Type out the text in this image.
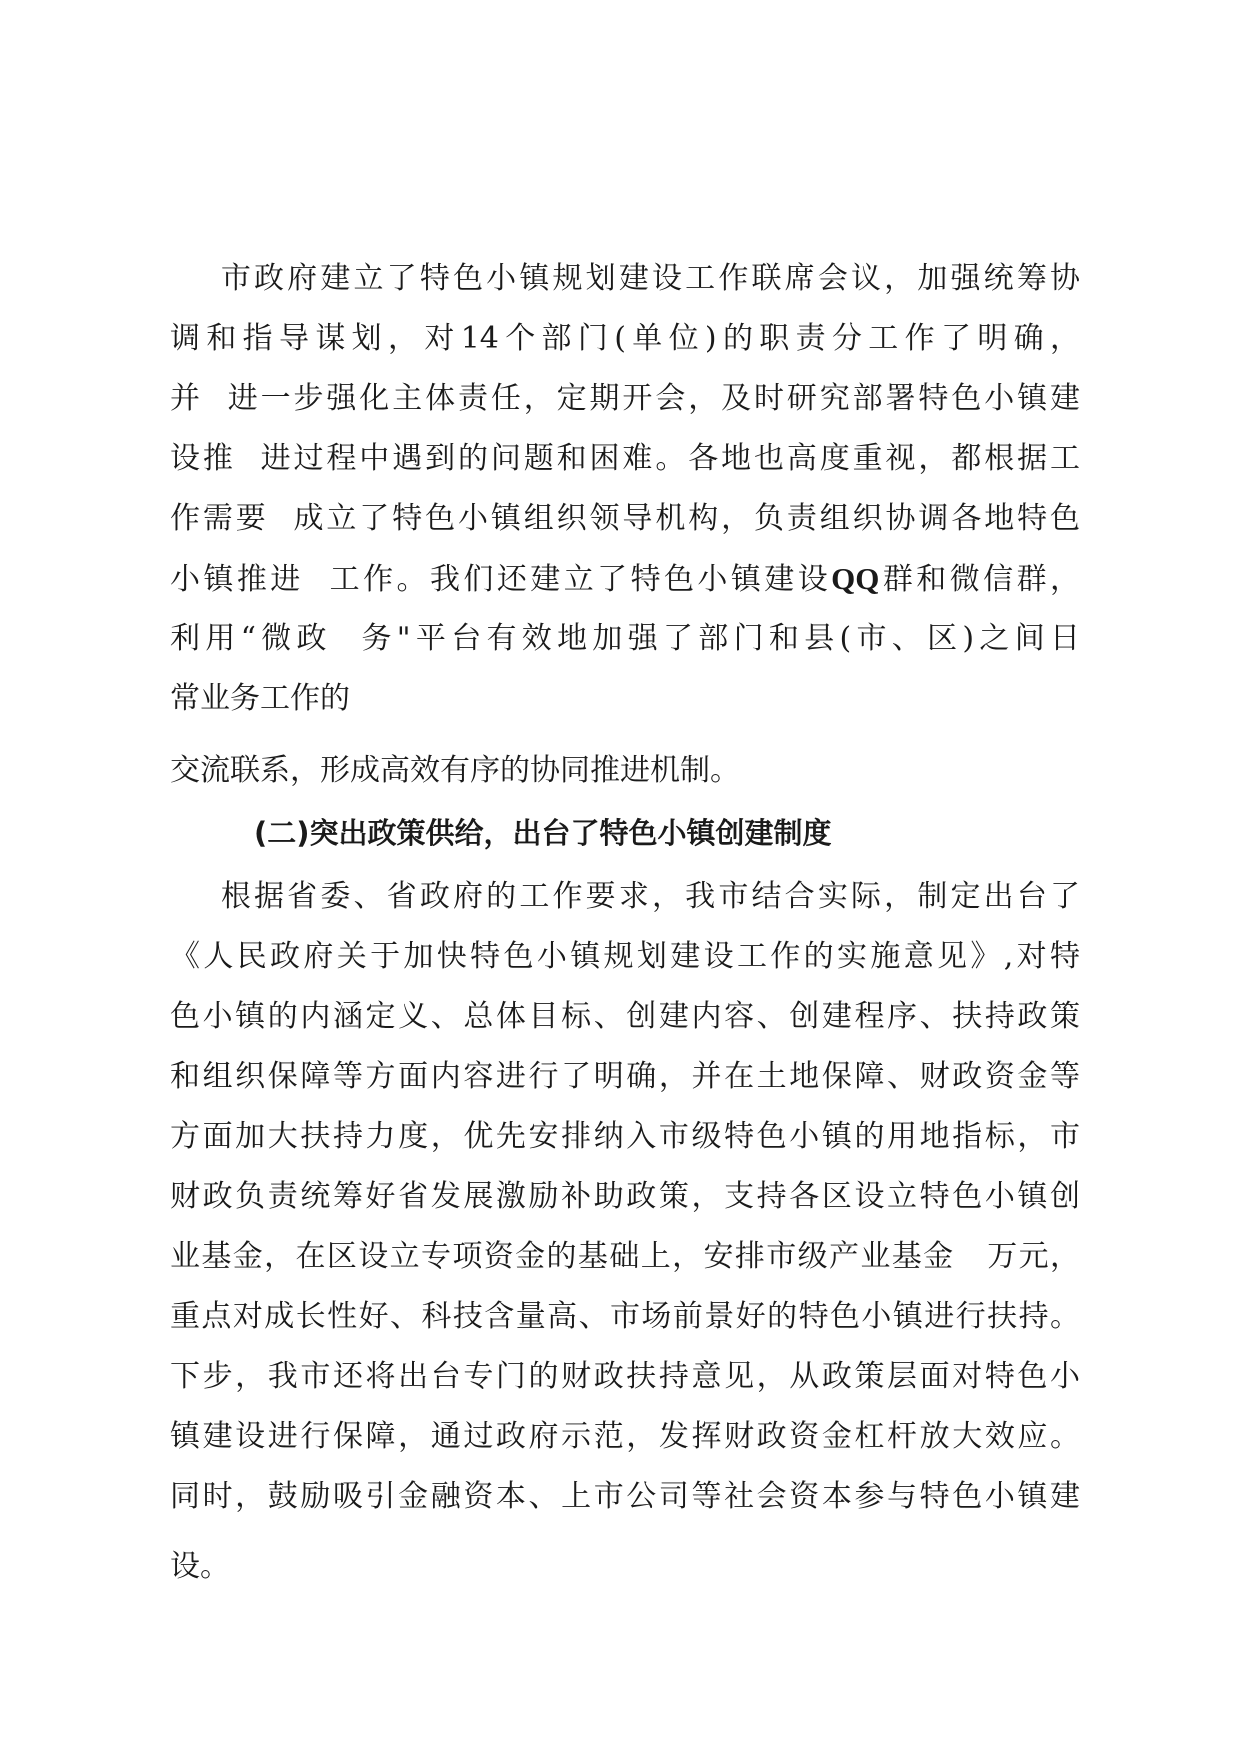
市政府建立了特色小镇规划建设工作联席会议，加强统筹协
调和指导谋划，对14个部门(单位)的职责分工作了明确，
并  进一步强化主体责任，定期开会，及时研究部署特色小镇建
设推  进过程中遇到的问题和困难。各地也高度重视，都根据工
作需要  成立了特色小镇组织领导机构，负责组织协调各地特色
小镇推进  工作。我们还建立了特色小镇建设QQ群和微信群，
利用“微政  务"平台有效地加强了部门和县(市、区)之间日
常业务工作的
交流联系，形成高效有序的协同推进机制。
(二)突出政策供给，出台了特色小镇创建制度
根据省委、省政府的工作要求，我市结合实际，制定出台了
《人民政府关于加快特色小镇规划建设工作的实施意见》,对特
色小镇的内涵定义、总体目标、创建内容、创建程序、扶持政策
和组织保障等方面内容进行了明确，并在土地保障、财政资金等
方面加大扶持力度，优先安排纳入市级特色小镇的用地指标，市
财政负责统筹好省发展激励补助政策，支持各区设立特色小镇创
业基金，在区设立专项资金的基础上，安排市级产业基金   万元，
重点对成长性好、科技含量高、市场前景好的特色小镇进行扶持。
下步，我市还将出台专门的财政扶持意见，从政策层面对特色小
镇建设进行保障，通过政府示范，发挥财政资金杠杆放大效应。
同时，鼓励吸引金融资本、上市公司等社会资本参与特色小镇建
设。
